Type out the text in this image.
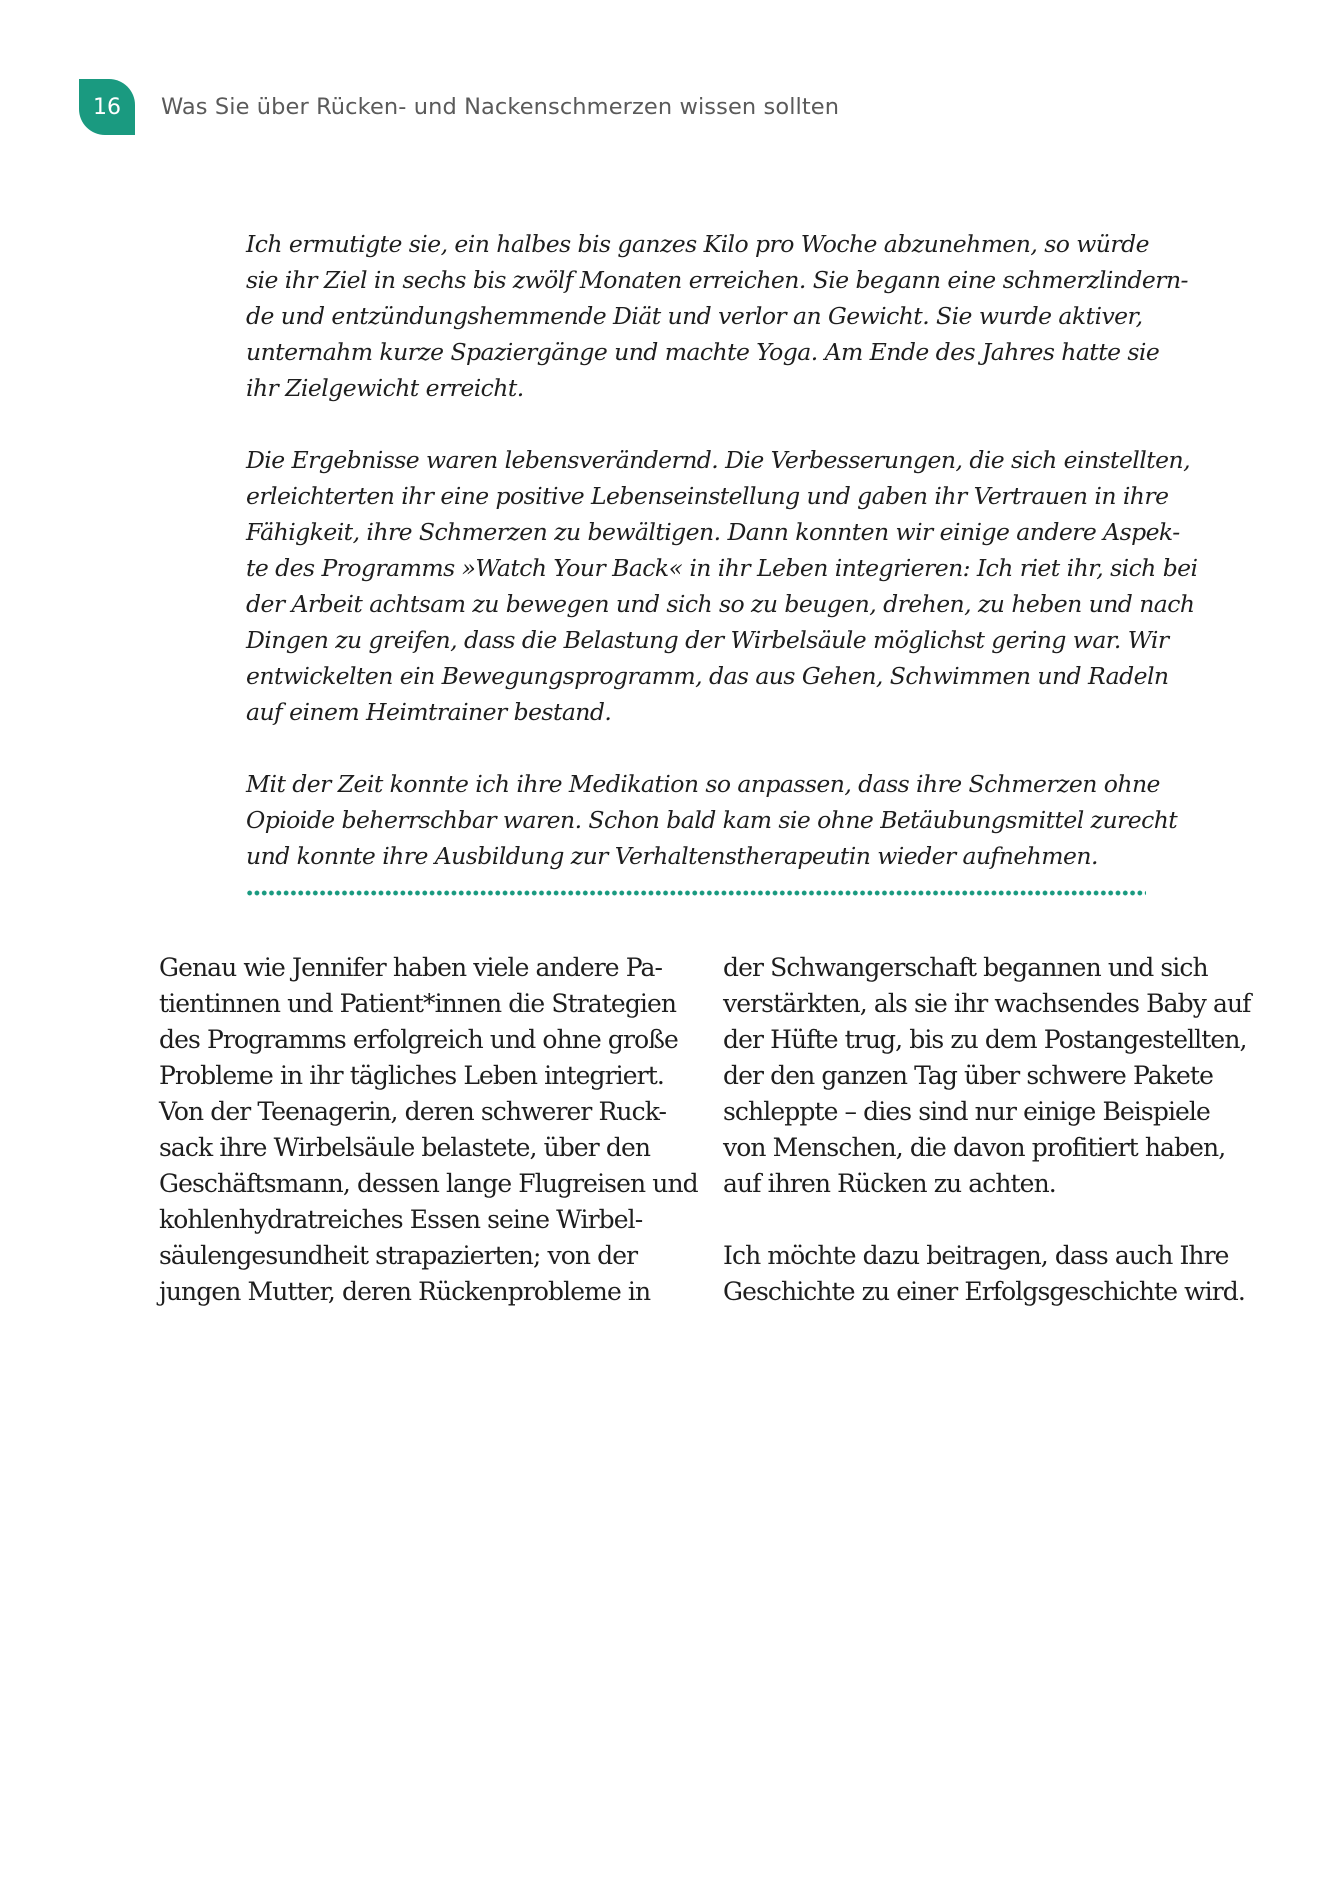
16 Was Sie über Rücken- und Nackenschmerzen wissen sollten

Ich ermutigte sie, ein halbes bis ganzes Kilo pro Woche abzunehmen, so würde
sie ihr Ziel in sechs bis zwölf Monaten erreichen. Sie begann eine schmerzlindern-
de und entzündungshemmende Diät und verlor an Gewicht. Sie wurde aktiver,
unternahm kurze Spaziergänge und machte Yoga. Am Ende des Jahres hatte sie
ihr Zielgewicht erreicht.

Die Ergebnisse waren lebensverändernd. Die Verbesserungen, die sich einstellten,
erleichterten ihr eine positive Lebenseinstellung und gaben ihr Vertrauen in ihre
Fähigkeit, ihre Schmerzen zu bewältigen. Dann konnten wir einige andere Aspek-
te des Programms »Watch Your Back« in ihr Leben integrieren: Ich riet ihr, sich bei
der Arbeit achtsam zu bewegen und sich so zu beugen, drehen, zu heben und nach
Dingen zu greifen, dass die Belastung der Wirbelsäule möglichst gering war. Wir
entwickelten ein Bewegungsprogramm, das aus Gehen, Schwimmen und Radeln
auf einem Heimtrainer bestand.

Mit der Zeit konnte ich ihre Medikation so anpassen, dass ihre Schmerzen ohne
Opioide beherrschbar waren. Schon bald kam sie ohne Betäubungsmittel zurecht
und konnte ihre Ausbildung zur Verhaltenstherapeutin wieder aufnehmen.

Genau wie Jennifer haben viele andere Pa-
tientinnen und Patient*innen die Strategien
des Programms erfolgreich und ohne große
Probleme in ihr tägliches Leben integriert.
Von der Teenagerin, deren schwerer Ruck-
sack ihre Wirbelsäule belastete, über den
Geschäftsmann, dessen lange Flugreisen und
kohlenhydratreiches Essen seine Wirbel-
säulengesundheit strapazierten; von der
jungen Mutter, deren Rückenprobleme in

der Schwangerschaft begannen und sich
verstärkten, als sie ihr wachsendes Baby auf
der Hüfte trug, bis zu dem Postangestellten,
der den ganzen Tag über schwere Pakete
schleppte – dies sind nur einige Beispiele
von Menschen, die davon profitiert haben,
auf ihren Rücken zu achten.

Ich möchte dazu beitragen, dass auch Ihre
Geschichte zu einer Erfolgsgeschichte wird.
